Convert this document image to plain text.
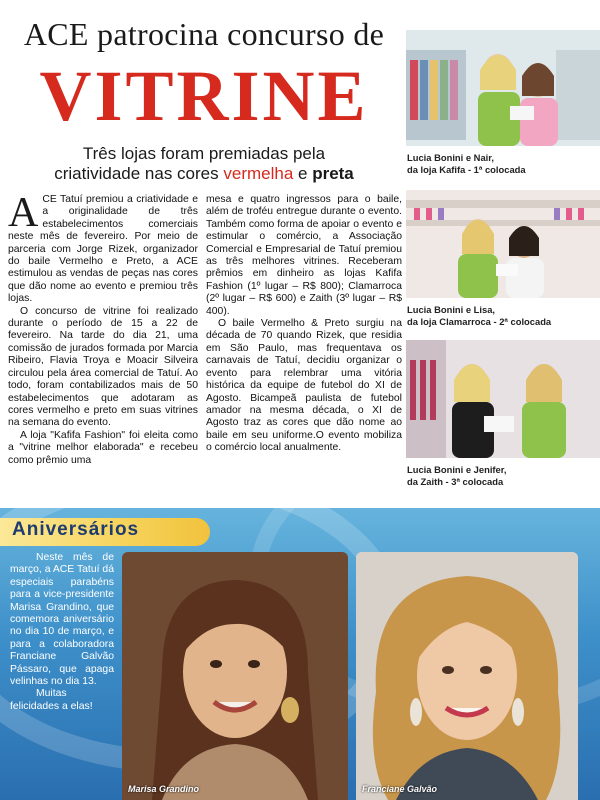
ACE patrocina concurso de
VITRINE
Três lojas foram premiadas pela
criatividade nas cores vermelha e preta

ACE Tatuí premiou a criatividade e a originalidade de três estabelecimentos comerciais neste mês de fevereiro. Por meio de parceria com Jorge Rizek, organizador do baile Vermelho e Preto, a ACE estimulou as vendas de peças nas cores que dão nome ao evento e premiou três lojas.

O concurso de vitrine foi realizado durante o período de 15 a 22 de fevereiro. Na tarde do dia 21, uma comissão de jurados formada por Marcia Ribeiro, Flavia Troya e Moacir Silveira circulou pela área comercial de Tatuí. Ao todo, foram contabilizados mais de 50 estabelecimentos que adotaram as cores vermelho e preto em suas vitrines na semana do evento.

A loja "Kafifa Fashion" foi eleita como a "vitrine melhor elaborada" e recebeu como prêmio uma

mesa e quatro ingressos para o baile, além de troféu entregue durante o evento. Também como forma de apoiar o evento e estimular o comércio, a Associação Comercial e Empresarial de Tatuí premiou as três melhores vitrines. Receberam prêmios em dinheiro as lojas Kafifa Fashion (1º lugar – R$ 800); Clamarroca (2º lugar – R$ 600) e Zaith (3º lugar – R$ 400).

O baile Vermelho & Preto surgiu na década de 70 quando Rizek, que residia em São Paulo, mas frequentava os carnavais de Tatuí, decidiu organizar o evento para relembrar uma vitória histórica da equipe de futebol do XI de Agosto. Bicampeã paulista de futebol amador na mesma década, o XI de Agosto traz as cores que dão nome ao baile em seu uniforme.O evento mobiliza o comércio local anualmente.

Lucia Bonini e Nair,
da loja Kafifa - 1ª colocada
Lucia Bonini e Lisa,
da loja Clamarroca - 2ª colocada
Lucia Bonini e Jenifer,
da Zaith - 3ª colocada
Aniversários

Neste mês de março, a ACE Tatuí dá especiais parabéns para a vice-presidente Marisa Grandino, que comemora aniversário no dia 10 de março, e para a colaboradora Franciane Galvão Pássaro, que apaga velinhas no dia 13.

Muitas felicidades a elas!

Marisa Grandino	Franciane Galvão
